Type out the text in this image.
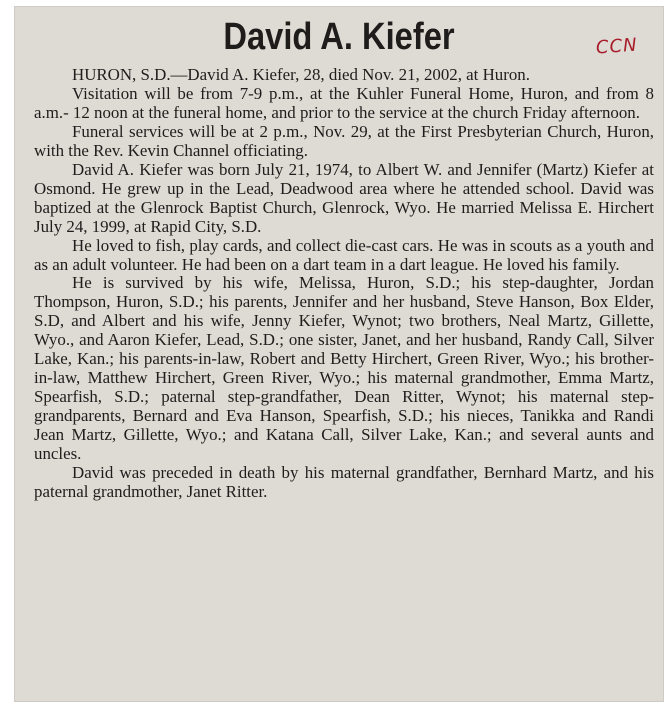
David A. Kiefer	CCN

HURON, S.D.—David A. Kiefer, 28, died Nov. 21, 2002, at Huron.

Visitation will be from 7-9 p.m., at the Kuhler Funeral Home, Huron, and from 8 a.m.- 12 noon at the funeral home, and prior to the service at the church Friday afternoon.

Funeral services will be at 2 p.m., Nov. 29, at the First Presbyterian Church, Huron, with the Rev. Kevin Channel officiating.

David A. Kiefer was born July 21, 1974, to Albert W. and Jennifer (Martz) Kiefer at Osmond. He grew up in the Lead, Deadwood area where he attended school. David was baptized at the Glenrock Baptist Church, Glenrock, Wyo. He married Melissa E. Hirchert July 24, 1999, at Rapid City, S.D.

He loved to fish, play cards, and collect die-cast cars. He was in scouts as a youth and as an adult volunteer. He had been on a dart team in a dart league. He loved his family.

He is survived by his wife, Melissa, Huron, S.D.; his step-daughter, Jordan Thompson, Huron, S.D.; his parents, Jennifer and her husband, Steve Hanson, Box Elder, S.D, and Albert and his wife, Jenny Kiefer, Wynot; two brothers, Neal Martz, Gillette, Wyo., and Aaron Kiefer, Lead, S.D.; one sister, Janet, and her husband, Randy Call, Silver Lake, Kan.; his parents-in-law, Robert and Betty Hirchert, Green River, Wyo.; his brother-in-law, Matthew Hirchert, Green River, Wyo.; his maternal grandmother, Emma Martz, Spearfish, S.D.; paternal step-grandfather, Dean Ritter, Wynot; his maternal step-grandparents, Bernard and Eva Hanson, Spearfish, S.D.; his nieces, Tanikka and Randi Jean Martz, Gillette, Wyo.; and Katana Call, Silver Lake, Kan.; and several aunts and uncles.

David was preceded in death by his maternal grandfather, Bernhard Martz, and his paternal grandmother, Janet Ritter.
